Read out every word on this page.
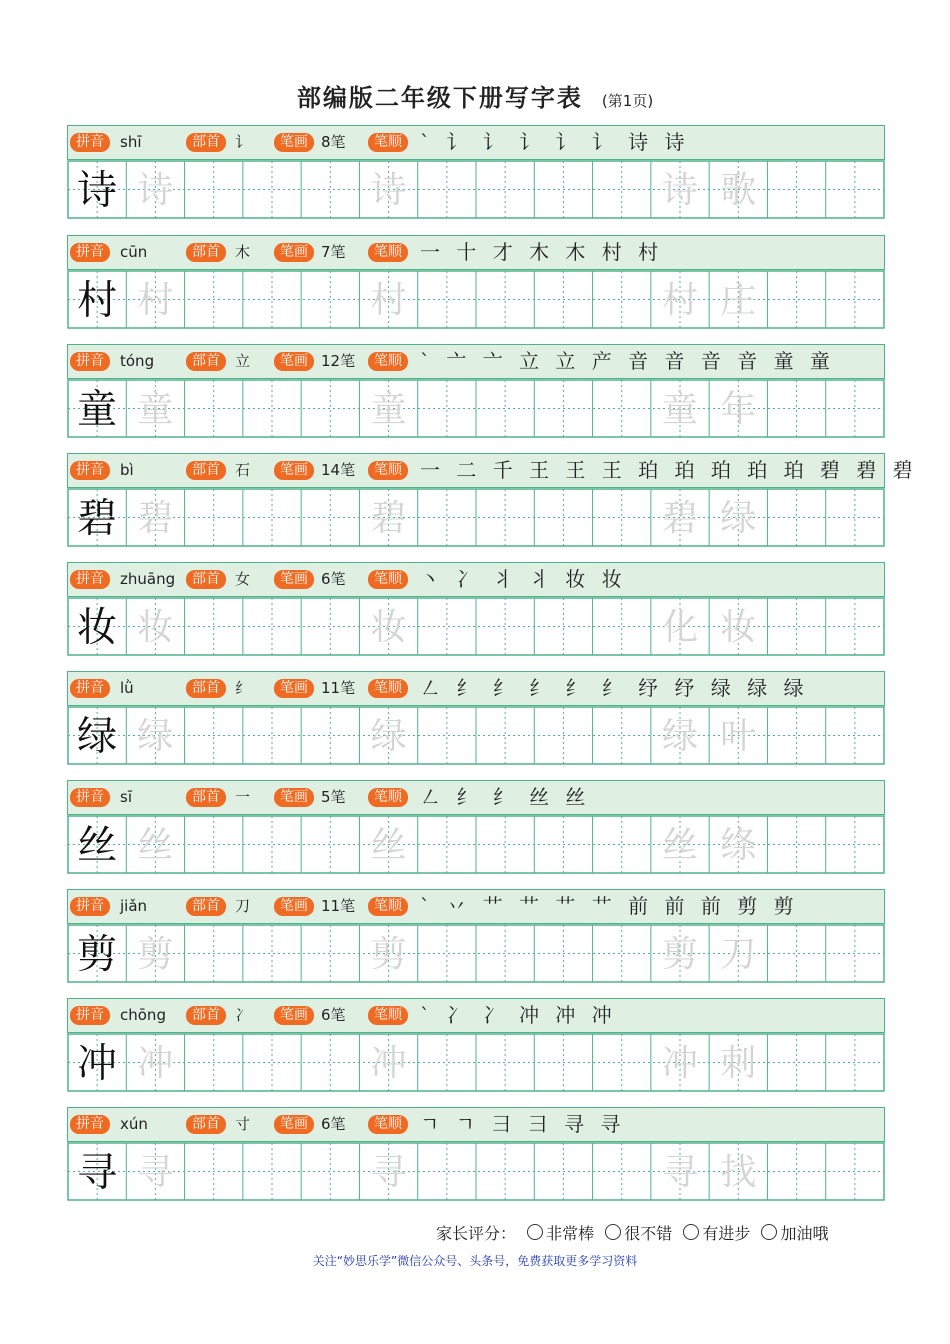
部编版二年级下册写字表 (第1页)
拼音	shī	部首	讠	笔画 8笔	笔顺 ` 讠 讠 讠 讠 讠 诗 诗
诗 诗	诗	诗 歌
拼音	cūn	部首	木	笔画 7笔	笔顺 一 十 才 木 木 村 村
村 村	村	村 庄
拼音	tóng	部首	立	笔画 12笔	笔顺 ` 亠 亠 立 立 产 音 音 音 音 童 童
童 童	童	童 年
拼音	bì	部首	石	笔画 14笔	笔顺 一 二 千 王 王 王 珀 珀 珀 珀 珀 碧 碧 碧
碧 碧	碧	碧 绿
拼音	zhuāng	部首	女	笔画 6笔	笔顺 丶 冫 丬 丬 妆 妆
妆 妆	妆	化 妆
拼音	lǜ	部首	纟	笔画 11笔	笔顺 ㇜ 纟 纟 纟 纟 纟 纾 纾 绿 绿 绿
绿 绿	绿	绿 叶
拼音	sī	部首	一	笔画 5笔	笔顺 ㇜ 纟 纟 丝 丝
丝 丝	丝	丝 绦
拼音	jiǎn	部首	刀	笔画 11笔	笔顺 ` 丷 艹 艹 艹 艹 前 前 前 剪 剪
剪 剪	剪	剪 刀
拼音	chōng	部首	冫	笔画 6笔	笔顺 ` 冫 冫 冲 冲 冲
冲 冲	冲	冲 刺
拼音	xún	部首	寸	笔画 6笔	笔顺 ㄱ ㄱ 彐 彐 寻 寻
寻 寻	寻	寻 找
家长评分： 非常棒 很不错 有进步 加油哦
关注“妙思乐学”微信公众号、头条号，免费获取更多学习资料
